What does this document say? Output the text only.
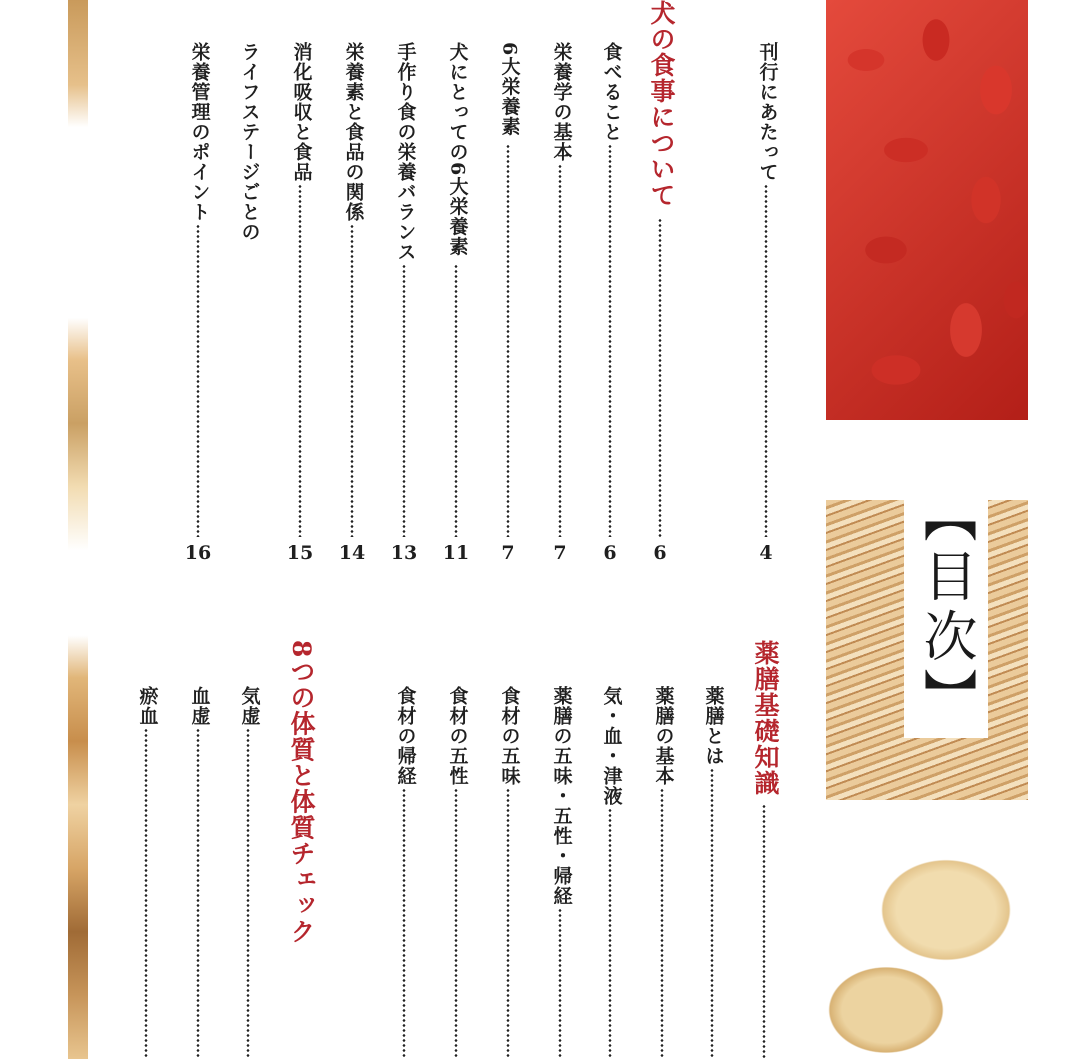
【目次】
刊行にあたって
4
犬の食事について
6
食べること
6
栄養学の基本
7
6大栄養素
7
犬にとっての6大栄養素
11
手作り食の栄養バランス
13
栄養素と食品の関係
14
消化吸収と食品
15
ライフステージごとの
栄養管理のポイント
16
薬膳基礎知識
薬膳とは
薬膳の基本
気・血・津液
薬膳の五味・五性・帰経
食材の五味
食材の五性
食材の帰経
8つの体質と体質チェック
気虚
血虚
瘀血
